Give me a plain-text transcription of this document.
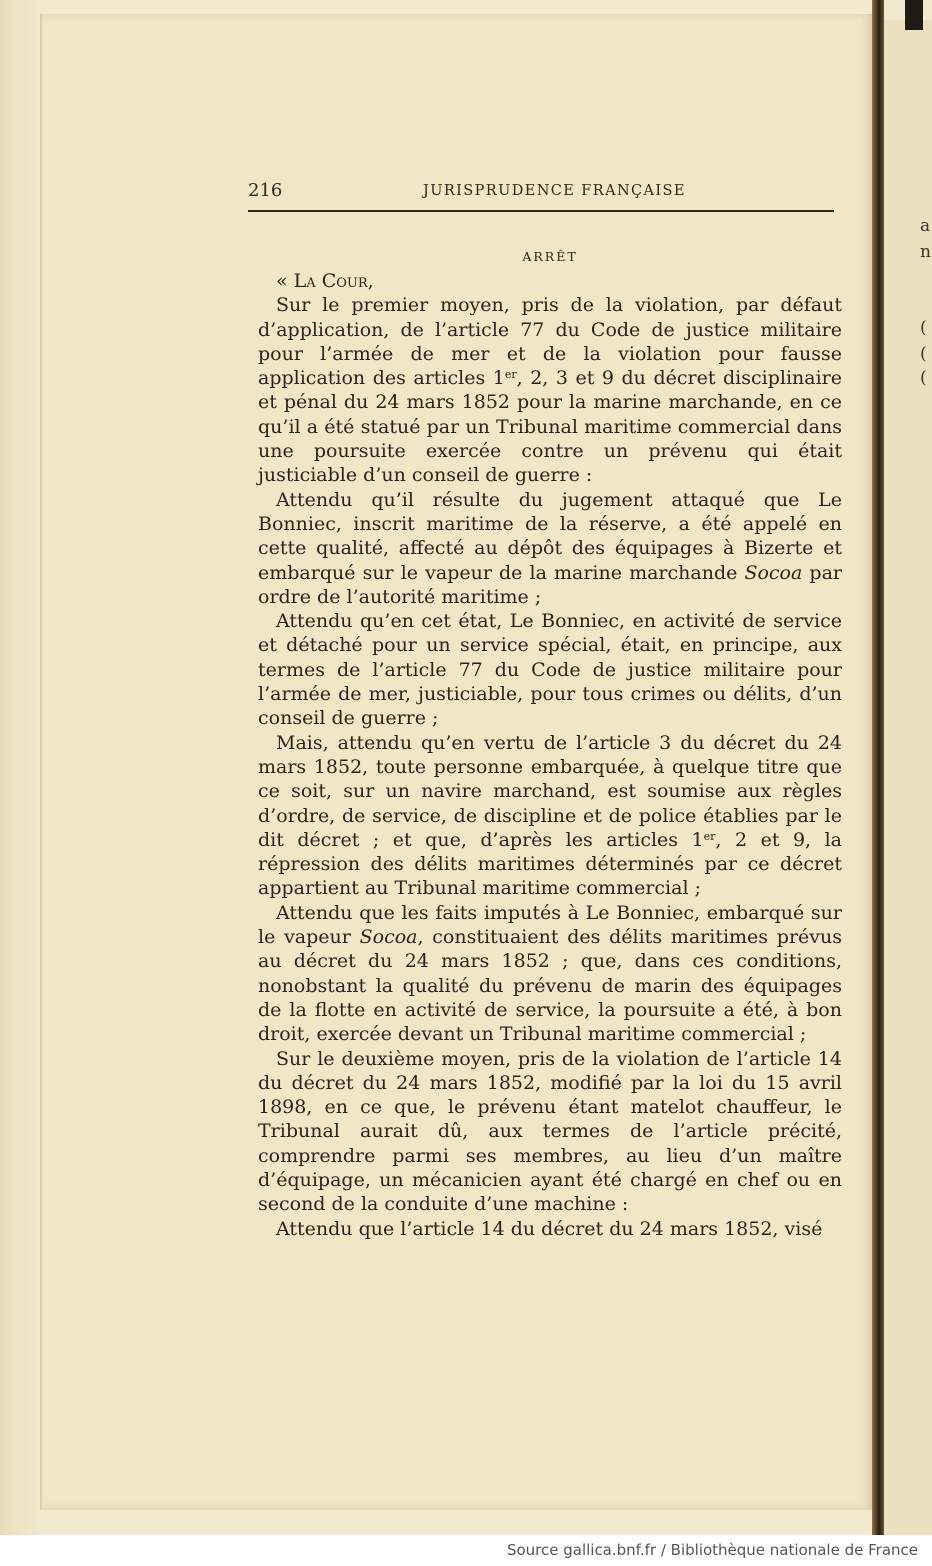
a
n
(
(
(
216	JURISPRUDENCE FRANÇAISE
ARRÊT

« La Cour,

Sur le premier moyen, pris de la violation, par défaut d’application, de l’article 77 du Code de justice militaire pour l’armée de mer et de la violation pour fausse application des articles 1er, 2, 3 et 9 du décret disciplinaire et pénal du 24 mars 1852 pour la marine marchande, en ce qu’il a été statué par un Tribunal maritime commercial dans une poursuite exercée contre un prévenu qui était justiciable d’un conseil de guerre :

Attendu qu’il résulte du jugement attaqué que Le Bonniec, inscrit maritime de la réserve, a été appelé en cette qualité, affecté au dépôt des équipages à Bizerte et embarqué sur le vapeur de la marine marchande Socoa par ordre de l’autorité maritime ;

Attendu qu’en cet état, Le Bonniec, en activité de service et détaché pour un service spécial, était, en principe, aux termes de l’article 77 du Code de justice militaire pour l’armée de mer, justiciable, pour tous crimes ou délits, d’un conseil de guerre ;

Mais, attendu qu’en vertu de l’article 3 du décret du 24 mars 1852, toute personne embarquée, à quelque titre que ce soit, sur un navire marchand, est soumise aux règles d’ordre, de service, de discipline et de police établies par le dit décret ; et que, d’après les articles 1er, 2 et 9, la répression des délits maritimes déterminés par ce décret appartient au Tribunal maritime commercial ;

Attendu que les faits imputés à Le Bonniec, embarqué sur le vapeur Socoa, constituaient des délits maritimes prévus au décret du 24 mars 1852 ; que, dans ces conditions, nonobstant la qualité du prévenu de marin des équipages de la flotte en activité de service, la poursuite a été, à bon droit, exercée devant un Tribunal maritime commercial ;

Sur le deuxième moyen, pris de la violation de l’article 14 du décret du 24 mars 1852, modifié par la loi du 15 avril 1898, en ce que, le prévenu étant matelot chauffeur, le Tribunal aurait dû, aux termes de l’article précité, comprendre parmi ses membres, au lieu d’un maître d’équipage, un mécanicien ayant été chargé en chef ou en second de la conduite d’une machine :

Attendu que l’article 14 du décret du 24 mars 1852, visé

Source gallica.bnf.fr / Bibliothèque nationale de France
